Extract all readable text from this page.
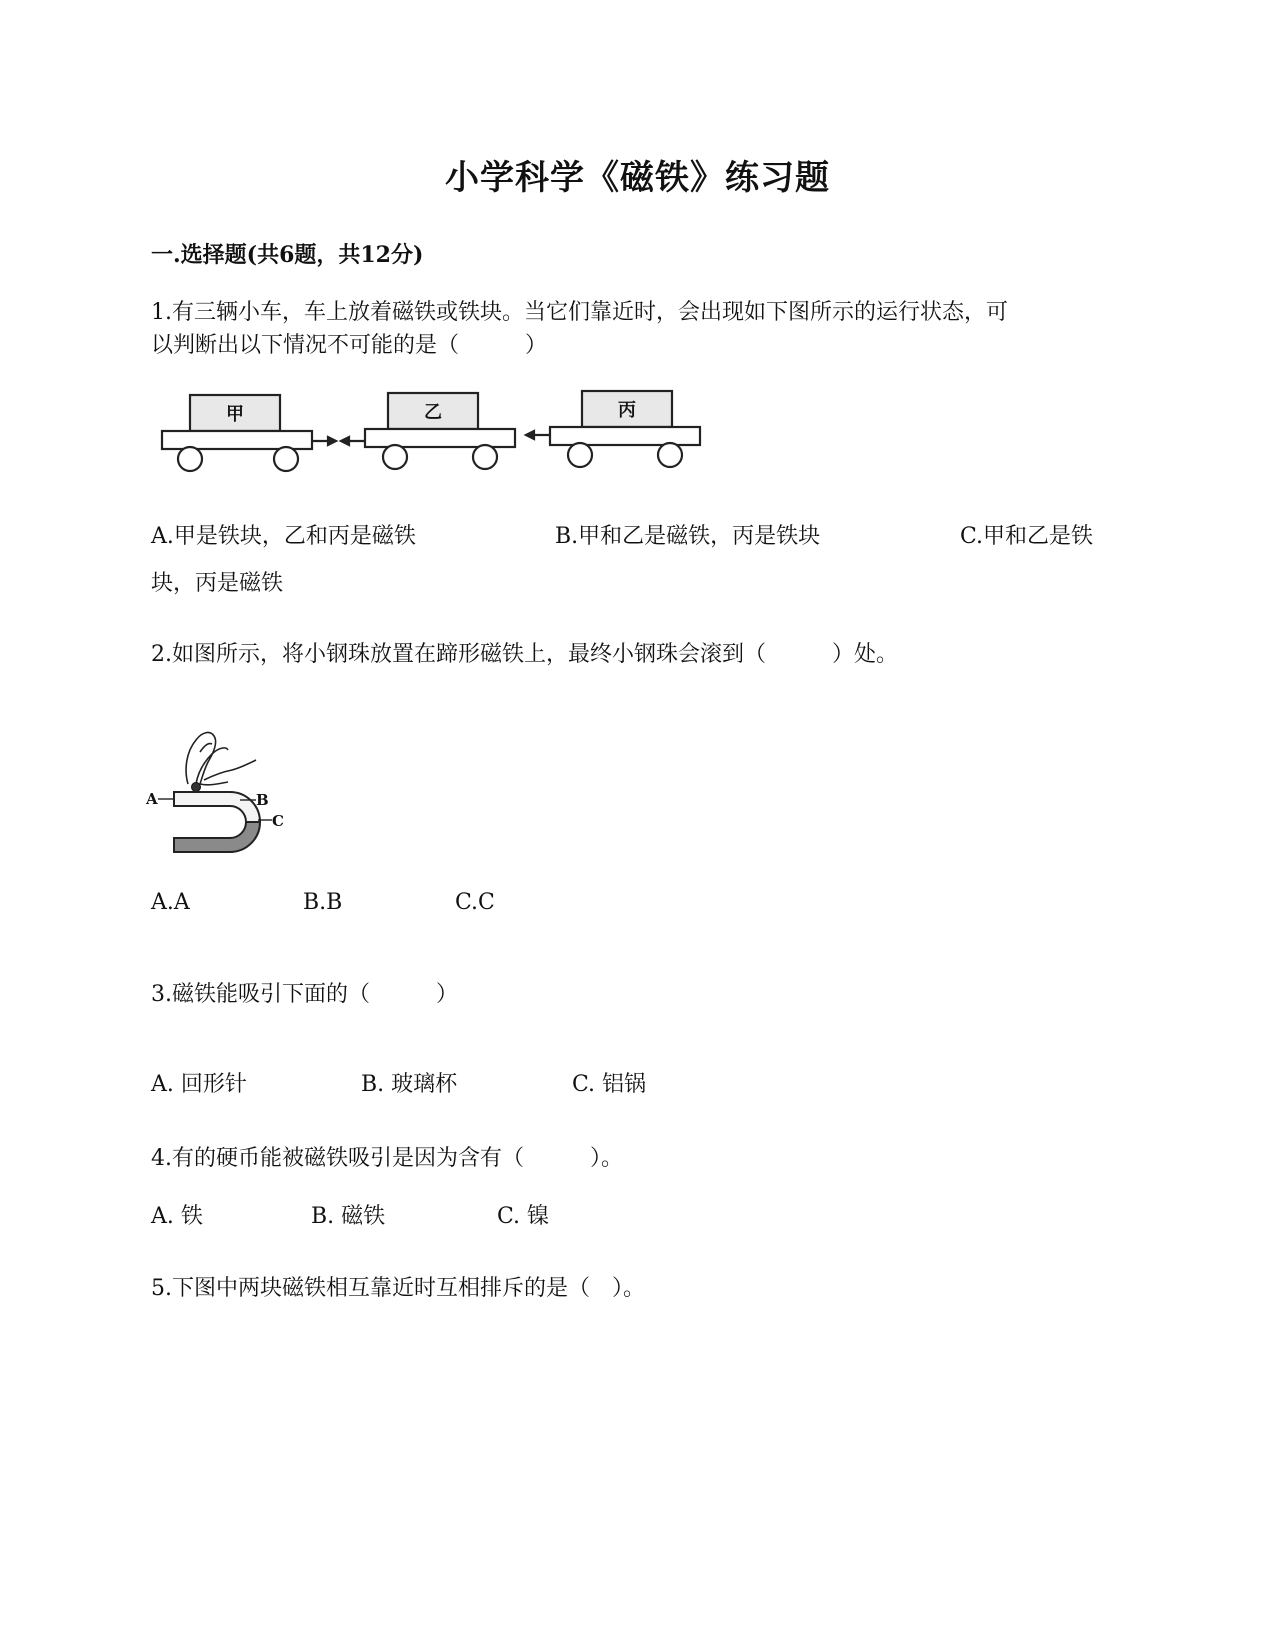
小学科学《磁铁》练习题
一.选择题(共6题，共12分)
1.有三辆小车，车上放着磁铁或铁块。当它们靠近时，会出现如下图所示的运行状态，可
以判断出以下情况不可能的是（　　　）
甲	乙	丙
A.甲是铁块，乙和丙是磁铁	B.甲和乙是磁铁，丙是铁块	C.甲和乙是铁
块，丙是磁铁
2.如图所示，将小钢珠放置在蹄形磁铁上，最终小钢珠会滚到（　　　）处。
A	B
C
A.A	B.B	C.C
3.磁铁能吸引下面的（　　　）
A. 回形针	B. 玻璃杯	C. 铝锅
4.有的硬币能被磁铁吸引是因为含有（　　　）。
A. 铁	B. 磁铁	C. 镍
5.下图中两块磁铁相互靠近时互相排斥的是（　）。
